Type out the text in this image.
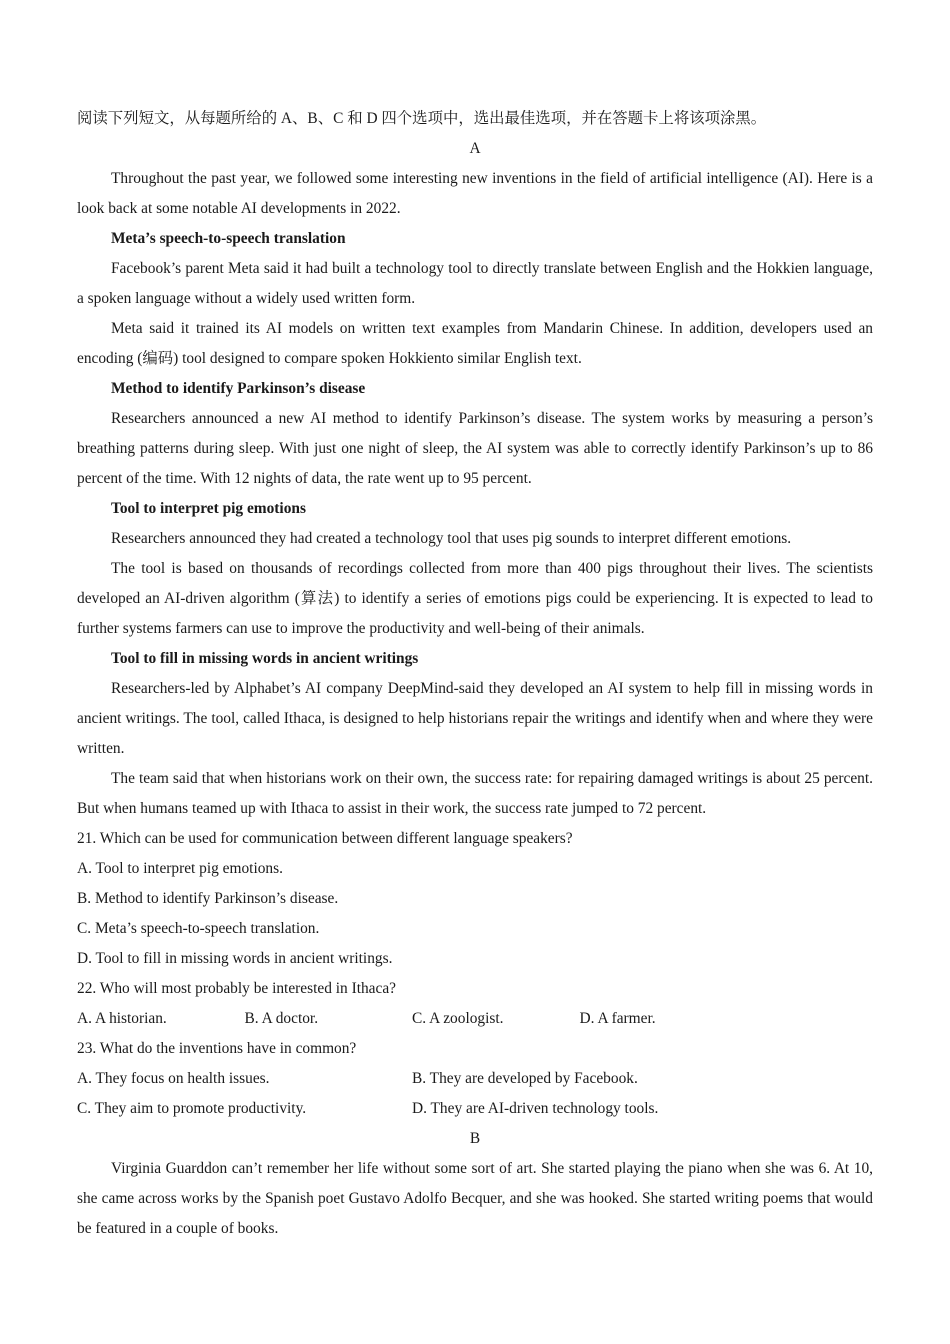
阅读下列短文，从每题所给的 A、B、C 和 D 四个选项中，选出最佳选项，并在答题卡上将该项涂黑。

A

Throughout the past year, we followed some interesting new inventions in the field of artificial intelligence (AI). Here is a look back at some notable AI developments in 2022.

Meta’s speech-to-speech translation

Facebook’s parent Meta said it had built a technology tool to directly translate between English and the Hokkien language, a spoken language without a widely used written form.

Meta said it trained its AI models on written text examples from Mandarin Chinese. In addition, developers used an encoding (编码) tool designed to compare spoken Hokkiento similar English text.

Method to identify Parkinson’s disease

Researchers announced a new AI method to identify Parkinson’s disease. The system works by measuring a person’s breathing patterns during sleep. With just one night of sleep, the AI system was able to correctly identify Parkinson’s up to 86 percent of the time. With 12 nights of data, the rate went up to 95 percent.

Tool to interpret pig emotions

Researchers announced they had created a technology tool that uses pig sounds to interpret different emotions.

The tool is based on thousands of recordings collected from more than 400 pigs throughout their lives. The scientists developed an AI-driven algorithm (算法) to identify a series of emotions pigs could be experiencing. It is expected to lead to further systems farmers can use to improve the productivity and well-being of their animals.

Tool to fill in missing words in ancient writings

Researchers-led by Alphabet’s AI company DeepMind-said they developed an AI system to help fill in missing words in ancient writings. The tool, called Ithaca, is designed to help historians repair the writings and identify when and where they were written.

The team said that when historians work on their own, the success rate: for repairing damaged writings is about 25 percent. But when humans teamed up with Ithaca to assist in their work, the success rate jumped to 72 percent.

21. Which can be used for communication between different language speakers?

A. Tool to interpret pig emotions.

B. Method to identify Parkinson’s disease.

C. Meta’s speech-to-speech translation.

D. Tool to fill in missing words in ancient writings.

22. Who will most probably be interested in Ithaca?

A. A historian.	B. A doctor.	C. A zoologist.	D. A farmer.

23. What do the inventions have in common?

A. They focus on health issues.	B. They are developed by Facebook.
C. They aim to promote productivity.	D. They are AI-driven technology tools.

B

Virginia Guarddon can’t remember her life without some sort of art. She started playing the piano when she was 6. At 10, she came across works by the Spanish poet Gustavo Adolfo Becquer, and she was hooked. She started writing poems that would be featured in a couple of books.
